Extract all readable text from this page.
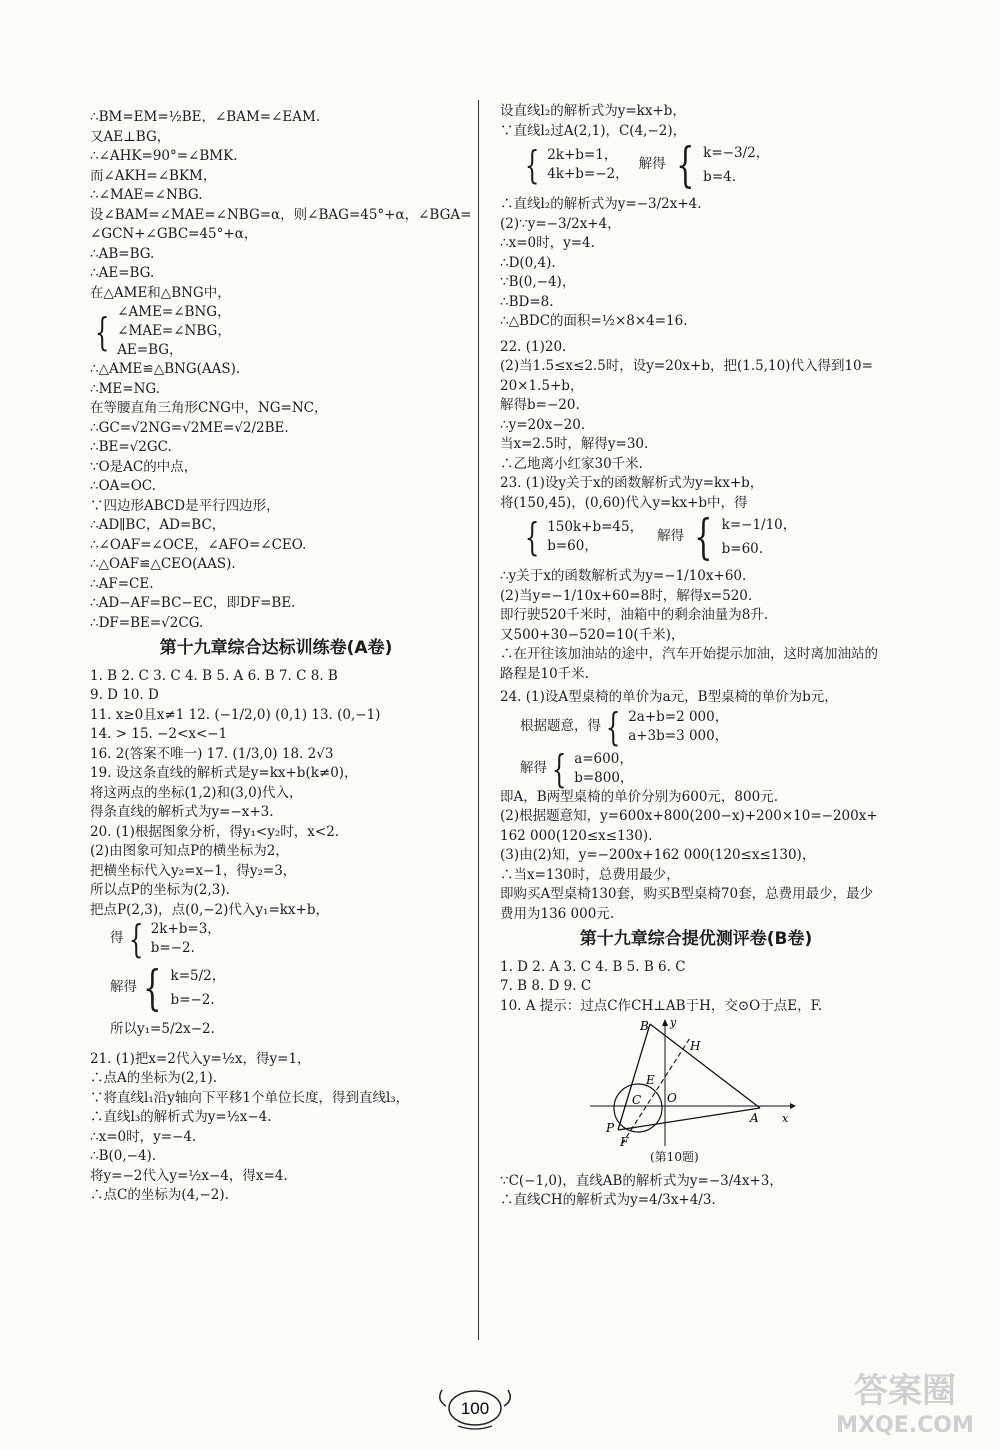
∴BM=EM=½BE，∠BAM=∠EAM.
又AE⊥BG，
∴∠AHK=90°=∠BMK.
而∠AKH=∠BKM，
∴∠MAE=∠NBG.
设∠BAM=∠MAE=∠NBG=α，则∠BAG=45°+α，∠BGA=
∠GCN+∠GBC=45°+α，
∴AB=BG.
∴AE=BG.
在△AME和△BNG中，
{ ∠AME=∠BNG，
∠MAE=∠NBG，
AE=BG，
∴△AME≌△BNG(AAS).
∴ME=NG.
在等腰直角三角形CNG中，NG=NC，
∴GC=√2NG=√2ME=√2/2BE.
∴BE=√2GC.
∵O是AC的中点，
∴OA=OC.
∵四边形ABCD是平行四边形，
∴AD∥BC，AD=BC，
∴∠OAF=∠OCE，∠AFO=∠CEO.
∴△OAF≌△CEO(AAS).
∴AF=CE.
∴AD−AF=BC−EC，即DF=BE.
∴DF=BE=√2CG.
第十九章综合达标训练卷(A卷)
1. B 2. C 3. C 4. B 5. A 6. B 7. C 8. B
9. D 10. D
11. x≥0且x≠1 12. (−1/2,0) (0,1) 13. (0,−1)
14. > 15. −2<x<−1
16. 2(答案不唯一) 17. (1/3,0) 18. 2√3
19. 设这条直线的解析式是y=kx+b(k≠0)，
将这两点的坐标(1,2)和(3,0)代入，
得条直线的解析式为y=−x+3.
20. (1)根据图象分析，得y₁<y₂时，x<2.
(2)由图象可知点P的横坐标为2，
把横坐标代入y₂=x−1，得y₂=3，
所以点P的坐标为(2,3).
把点P(2,3)，点(0,−2)代入y₁=kx+b，
得 { 2k+b=3，
b=−2.
解得 { k=5/2，
b=−2.
所以y₁=5/2x−2.
21. (1)把x=2代入y=½x，得y=1，
∴点A的坐标为(2,1).
∵将直线l₁沿y轴向下平移1个单位长度，得到直线l₃，
∴直线l₃的解析式为y=½x−4.
∴x=0时，y=−4.
∴B(0,−4).
将y=−2代入y=½x−4，得x=4.
∴点C的坐标为(4,−2).
设直线l₂的解析式为y=kx+b，
∵直线l₂过A(2,1)，C(4,−2)，
{ 2k+b=1，
4k+b=−2，
解得 { k=−3/2，
b=4.
∴直线l₂的解析式为y=−3/2x+4.
(2)∵y=−3/2x+4，
∴x=0时，y=4.
∴D(0,4).
∵B(0,−4)，
∴BD=8.
∴△BDC的面积=½×8×4=16.
22. (1)20.
(2)当1.5≤x≤2.5时，设y=20x+b，把(1.5,10)代入得到10=
20×1.5+b，
解得b=−20.
∴y=20x−20.
当x=2.5时，解得y=30.
∴乙地离小红家30千米.
23. (1)设y关于x的函数解析式为y=kx+b，
将(150,45)，(0,60)代入y=kx+b中，得
{ 150k+b=45，
b=60，
解得 { k=−1/10，
b=60.
∴y关于x的函数解析式为y=−1/10x+60.
(2)当y=−1/10x+60=8时，解得x=520.
即行驶520千米时，油箱中的剩余油量为8升.
又500+30−520=10(千米)，
∴在开往该加油站的途中，汽车开始提示加油，这时离加油站的
路程是10千米.
24. (1)设A型桌椅的单价为a元，B型桌椅的单价为b元，
根据题意，得 { 2a+b=2 000，
a+3b=3 000，
解得 { a=600，
b=800，
即A，B两型桌椅的单价分别为600元，800元.
(2)根据题意知，y=600x+800(200−x)+200×10=−200x+
162 000(120≤x≤130).
(3)由(2)知，y=−200x+162 000(120≤x≤130)，
∴当x=130时，总费用最少，
即购买A型桌椅130套，购买B型桌椅70套，总费用最少，最少
费用为136 000元.
第十九章综合提优测评卷(B卷)
1. D 2. A 3. C 4. B 5. B 6. C
7. B 8. D 9. C
10. A 提示：过点C作CH⊥AB于H，交⊙O于点E，F.
B y
H
E
C O
A x
P
F
(第10题)
∵C(−1,0)，直线AB的解析式为y=−3/4x+3，
∴直线CH的解析式为y=4/3x+4/3.
100	答案圈
MXQE.COM
